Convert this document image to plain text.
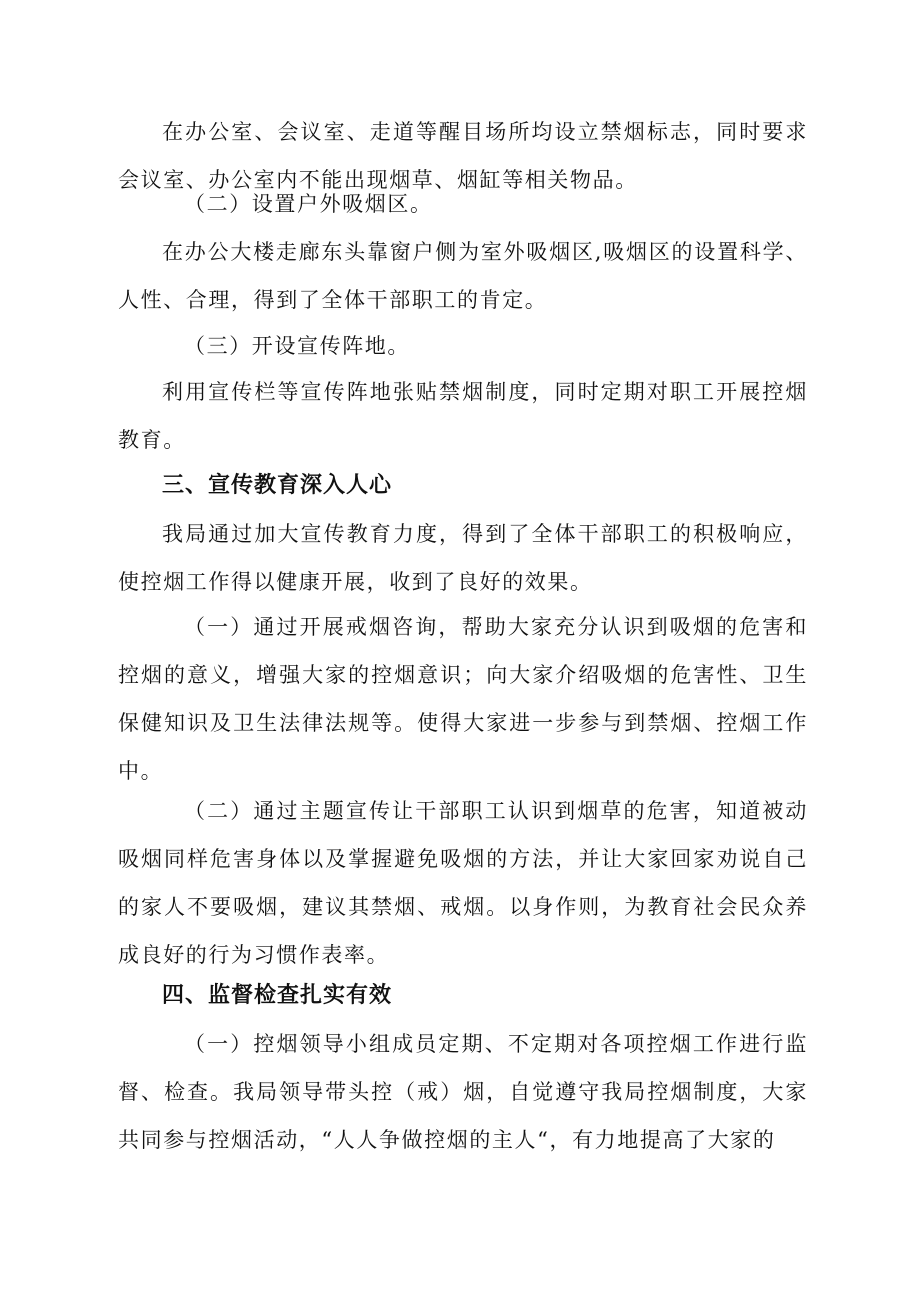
在办公室、会议室、走道等醒目场所均设立禁烟标志，同时要求会议室、办公室内不能出现烟草、烟缸等相关物品。

（二）设置户外吸烟区。

在办公大楼走廊东头靠窗户侧为室外吸烟区,吸烟区的设置科学、人性、合理，得到了全体干部职工的肯定。

（三）开设宣传阵地。

利用宣传栏等宣传阵地张贴禁烟制度，同时定期对职工开展控烟教育。

三、宣传教育深入人心

我局通过加大宣传教育力度，得到了全体干部职工的积极响应，使控烟工作得以健康开展，收到了良好的效果。

（一）通过开展戒烟咨询，帮助大家充分认识到吸烟的危害和控烟的意义，增强大家的控烟意识；向大家介绍吸烟的危害性、卫生保健知识及卫生法律法规等。使得大家进一步参与到禁烟、控烟工作中。

（二）通过主题宣传让干部职工认识到烟草的危害，知道被动吸烟同样危害身体以及掌握避免吸烟的方法，并让大家回家劝说自己的家人不要吸烟，建议其禁烟、戒烟。以身作则，为教育社会民众养成良好的行为习惯作表率。

四、监督检查扎实有效

（一）控烟领导小组成员定期、不定期对各项控烟工作进行监督、检查。我局领导带头控（戒）烟，自觉遵守我局控烟制度，大家共同参与控烟活动，“人人争做控烟的主人“，有力地提高了大家的
